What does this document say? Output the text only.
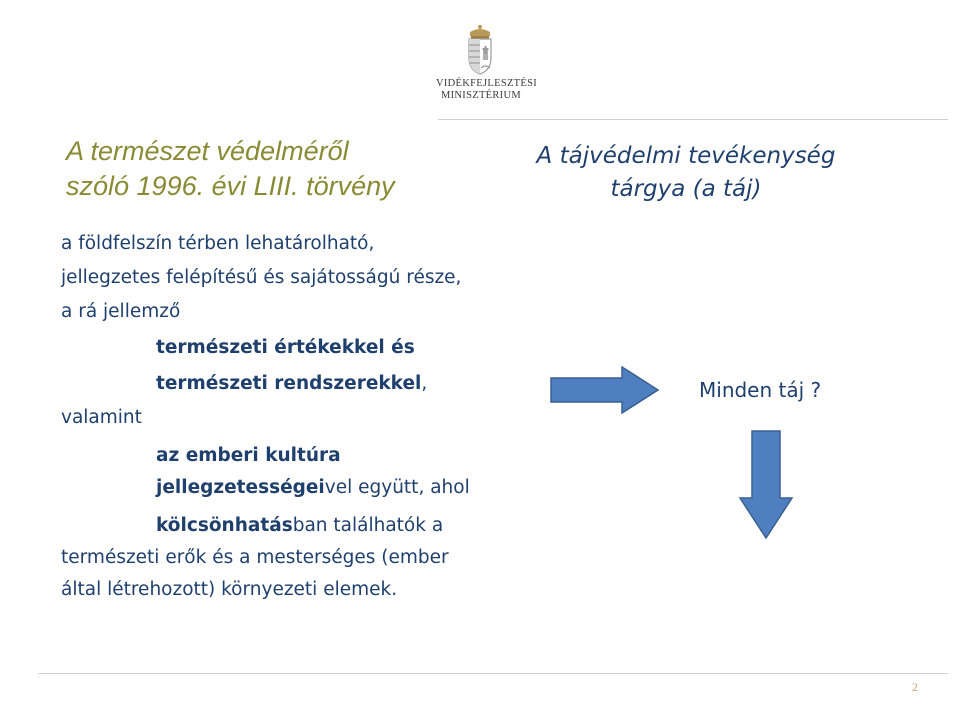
VIDÉKFEJLESZTÉSI
MINISZTÉRIUM
A természet védelméről
szóló 1996. évi LIII. törvény
A tájvédelmi tevékenység
tárgya (a táj)
a földfelszín térben lehatárolható,
jellegzetes felépítésű és sajátosságú része,
a rá jellemző
természeti értékekkel és
természeti rendszerekkel,
valamint
az emberi kultúra
jellegzetességeivel együtt, ahol
kölcsönhatásban találhatók a
természeti erők és a mesterséges (ember
által létrehozott) környezeti elemek.
Minden táj ?
2
